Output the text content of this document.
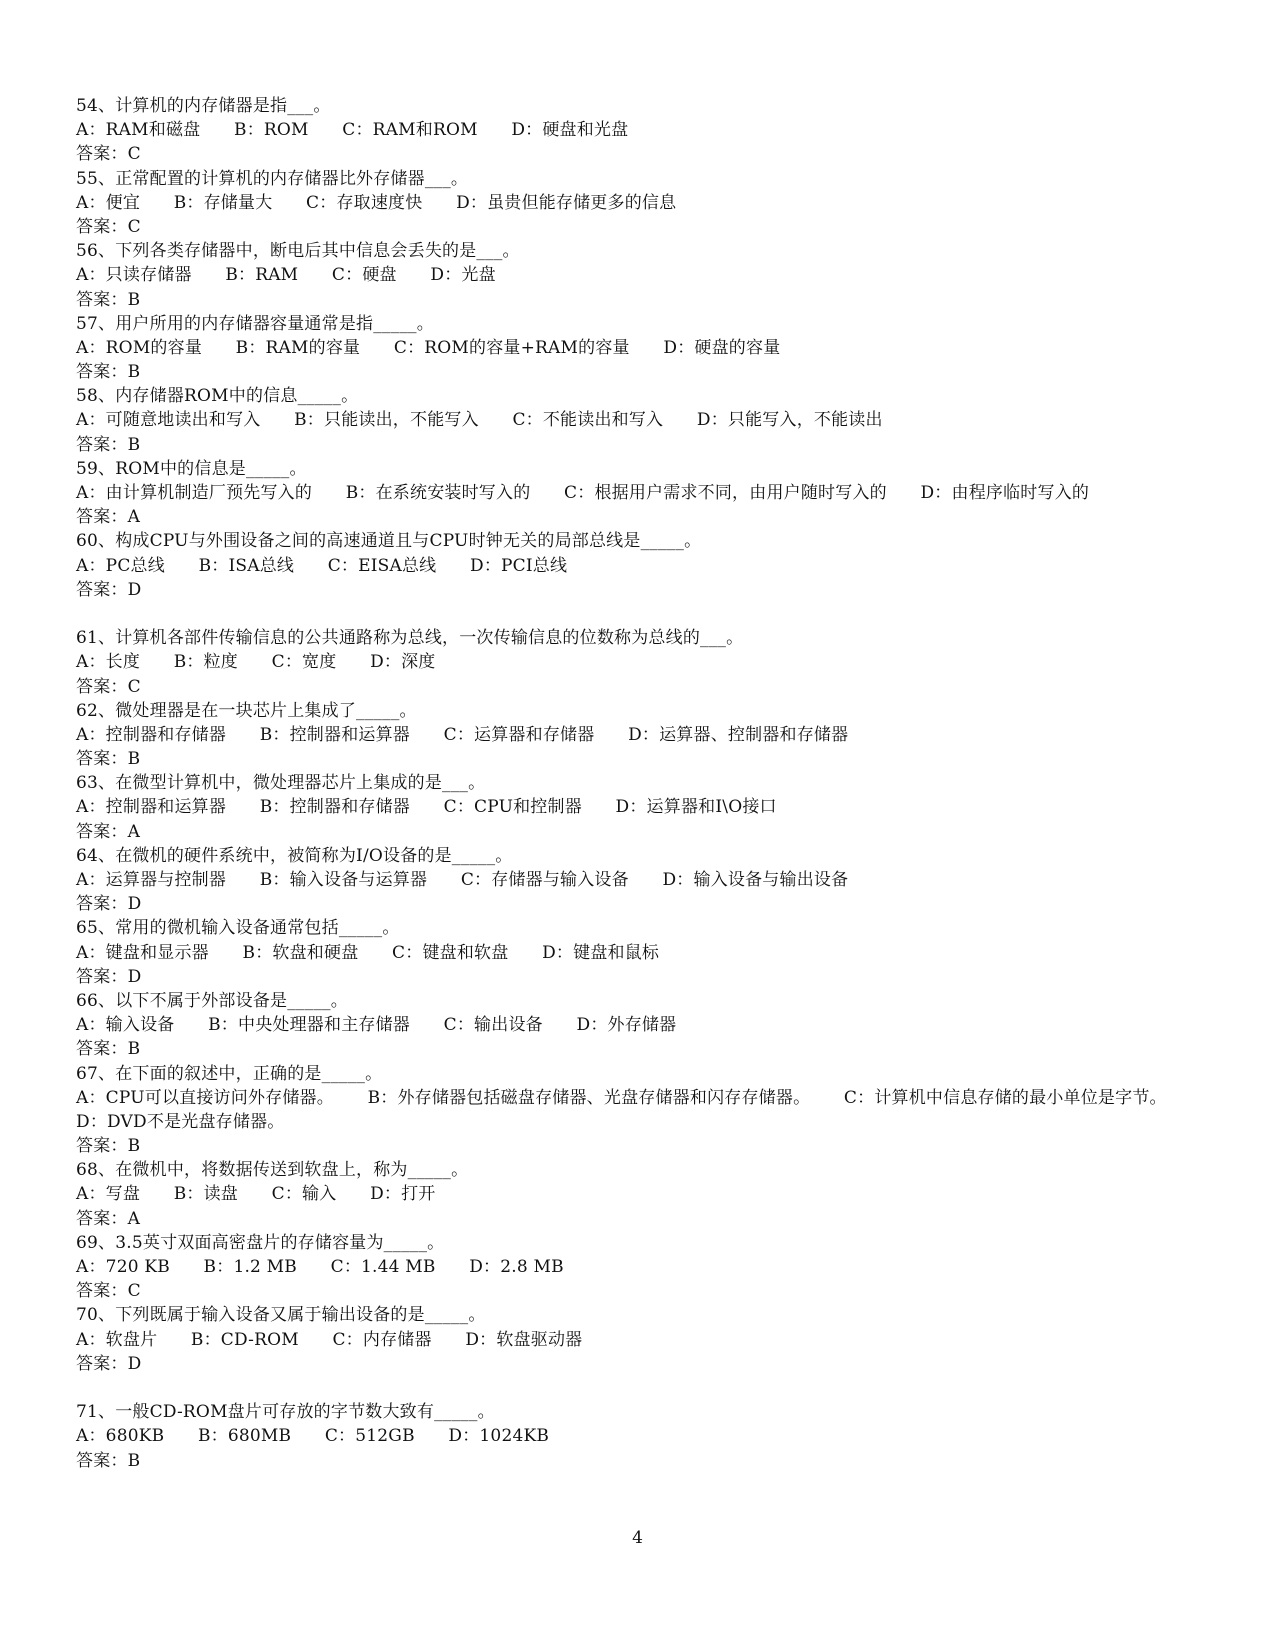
54、计算机的内存储器是指___。
A：RAM和磁盘 B：ROM C：RAM和ROM D：硬盘和光盘
答案：C
55、正常配置的计算机的内存储器比外存储器___。
A：便宜 B：存储量大 C：存取速度快 D：虽贵但能存储更多的信息
答案：C
56、下列各类存储器中，断电后其中信息会丢失的是___。
A：只读存储器 B：RAM C：硬盘 D：光盘
答案：B
57、用户所用的内存储器容量通常是指_____。
A：ROM的容量 B：RAM的容量 C：ROM的容量+RAM的容量 D：硬盘的容量
答案：B
58、内存储器ROM中的信息_____。
A：可随意地读出和写入 B：只能读出，不能写入 C：不能读出和写入 D：只能写入，不能读出
答案：B
59、ROM中的信息是_____。
A：由计算机制造厂预先写入的 B：在系统安装时写入的 C：根据用户需求不同，由用户随时写入的 D：由程序临时写入的
答案：A
60、构成CPU与外围设备之间的高速通道且与CPU时钟无关的局部总线是_____。
A：PC总线 B：ISA总线 C：EISA总线 D：PCI总线
答案：D
61、计算机各部件传输信息的公共通路称为总线，一次传输信息的位数称为总线的___。
A：长度 B：粒度 C：宽度 D：深度
答案：C
62、微处理器是在一块芯片上集成了_____。
A：控制器和存储器 B：控制器和运算器 C：运算器和存储器 D：运算器、控制器和存储器
答案：B
63、在微型计算机中，微处理器芯片上集成的是___。
A：控制器和运算器 B：控制器和存储器 C：CPU和控制器 D：运算器和I\O接口
答案：A
64、在微机的硬件系统中，被简称为I/O设备的是_____。
A：运算器与控制器 B：输入设备与运算器 C：存储器与输入设备 D：输入设备与输出设备
答案：D
65、常用的微机输入设备通常包括_____。
A：键盘和显示器 B：软盘和硬盘 C：键盘和软盘 D：键盘和鼠标
答案：D
66、以下不属于外部设备是_____。
A：输入设备 B：中央处理器和主存储器 C：输出设备 D：外存储器
答案：B
67、在下面的叙述中，正确的是_____。
A：CPU可以直接访问外存储器。 B：外存储器包括磁盘存储器、光盘存储器和闪存存储器。 C：计算机中信息存储的最小单位是字节。      D：DVD不是光盘存储器。
答案：B
68、在微机中，将数据传送到软盘上，称为_____。
A：写盘 B：读盘 C：输入 D：打开
答案：A
69、3.5英寸双面高密盘片的存储容量为_____。
A：720 KB B：1.2 MB C：1.44 MB D：2.8 MB
答案：C
70、下列既属于输入设备又属于输出设备的是_____。
A：软盘片 B：CD-ROM C：内存储器 D：软盘驱动器
答案：D
71、一般CD-ROM盘片可存放的字节数大致有_____。
A：680KB B：680MB C：512GB D：1024KB
答案：B
4
